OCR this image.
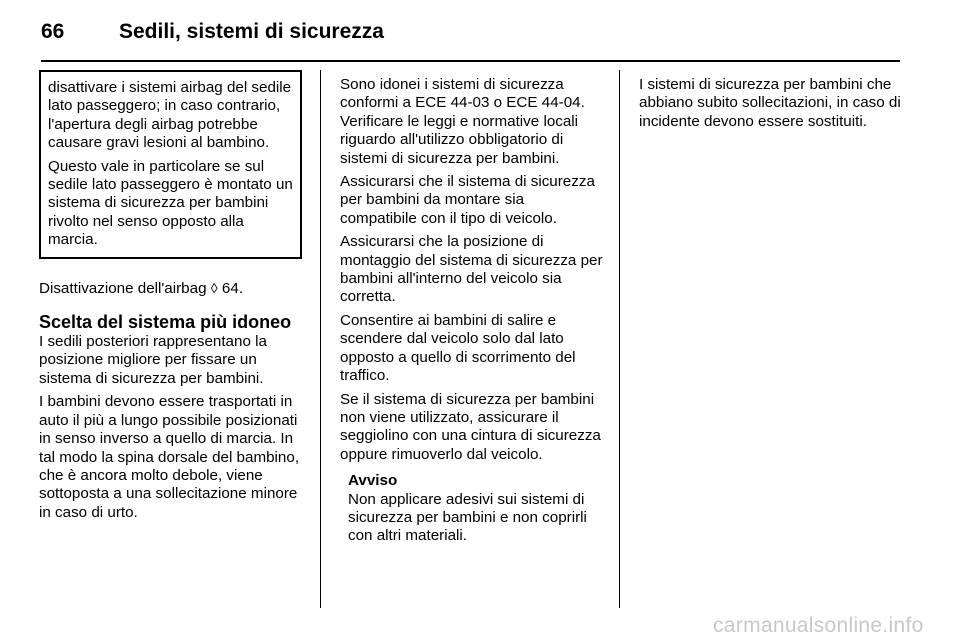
66	Sedili, sistemi di sicurezza

disattivare i sistemi airbag del sedile lato passeggero; in caso contrario, l'apertura degli airbag potrebbe causare gravi lesioni al bambino.

Questo vale in particolare se sul sedile lato passeggero è montato un sistema di sicurezza per bambini rivolto nel senso opposto alla marcia.

Disattivazione dell'airbag ◊ 64.

Scelta del sistema più idoneo

I sedili posteriori rappresentano la posizione migliore per fissare un sistema di sicurezza per bambini.

I bambini devono essere trasportati in auto il più a lungo possibile posizionati in senso inverso a quello di marcia. In tal modo la spina dorsale del bambino, che è ancora molto debole, viene sottoposta a una sollecitazione minore in caso di urto.

Sono idonei i sistemi di sicurezza conformi a ECE 44-03 o ECE 44-04. Verificare le leggi e normative locali riguardo all'utilizzo obbligatorio di sistemi di sicurezza per bambini.

Assicurarsi che il sistema di sicurezza per bambini da montare sia compatibile con il tipo di veicolo.

Assicurarsi che la posizione di montaggio del sistema di sicurezza per bambini all'interno del veicolo sia corretta.

Consentire ai bambini di salire e scendere dal veicolo solo dal lato opposto a quello di scorrimento del traffico.

Se il sistema di sicurezza per bambini non viene utilizzato, assicurare il seggiolino con una cintura di sicurezza oppure rimuoverlo dal veicolo.

Avviso
Non applicare adesivi sui sistemi di sicurezza per bambini e non coprirli con altri materiali.

I sistemi di sicurezza per bambini che abbiano subito sollecitazioni, in caso di incidente devono essere sostituiti.

carmanualsonline.info
